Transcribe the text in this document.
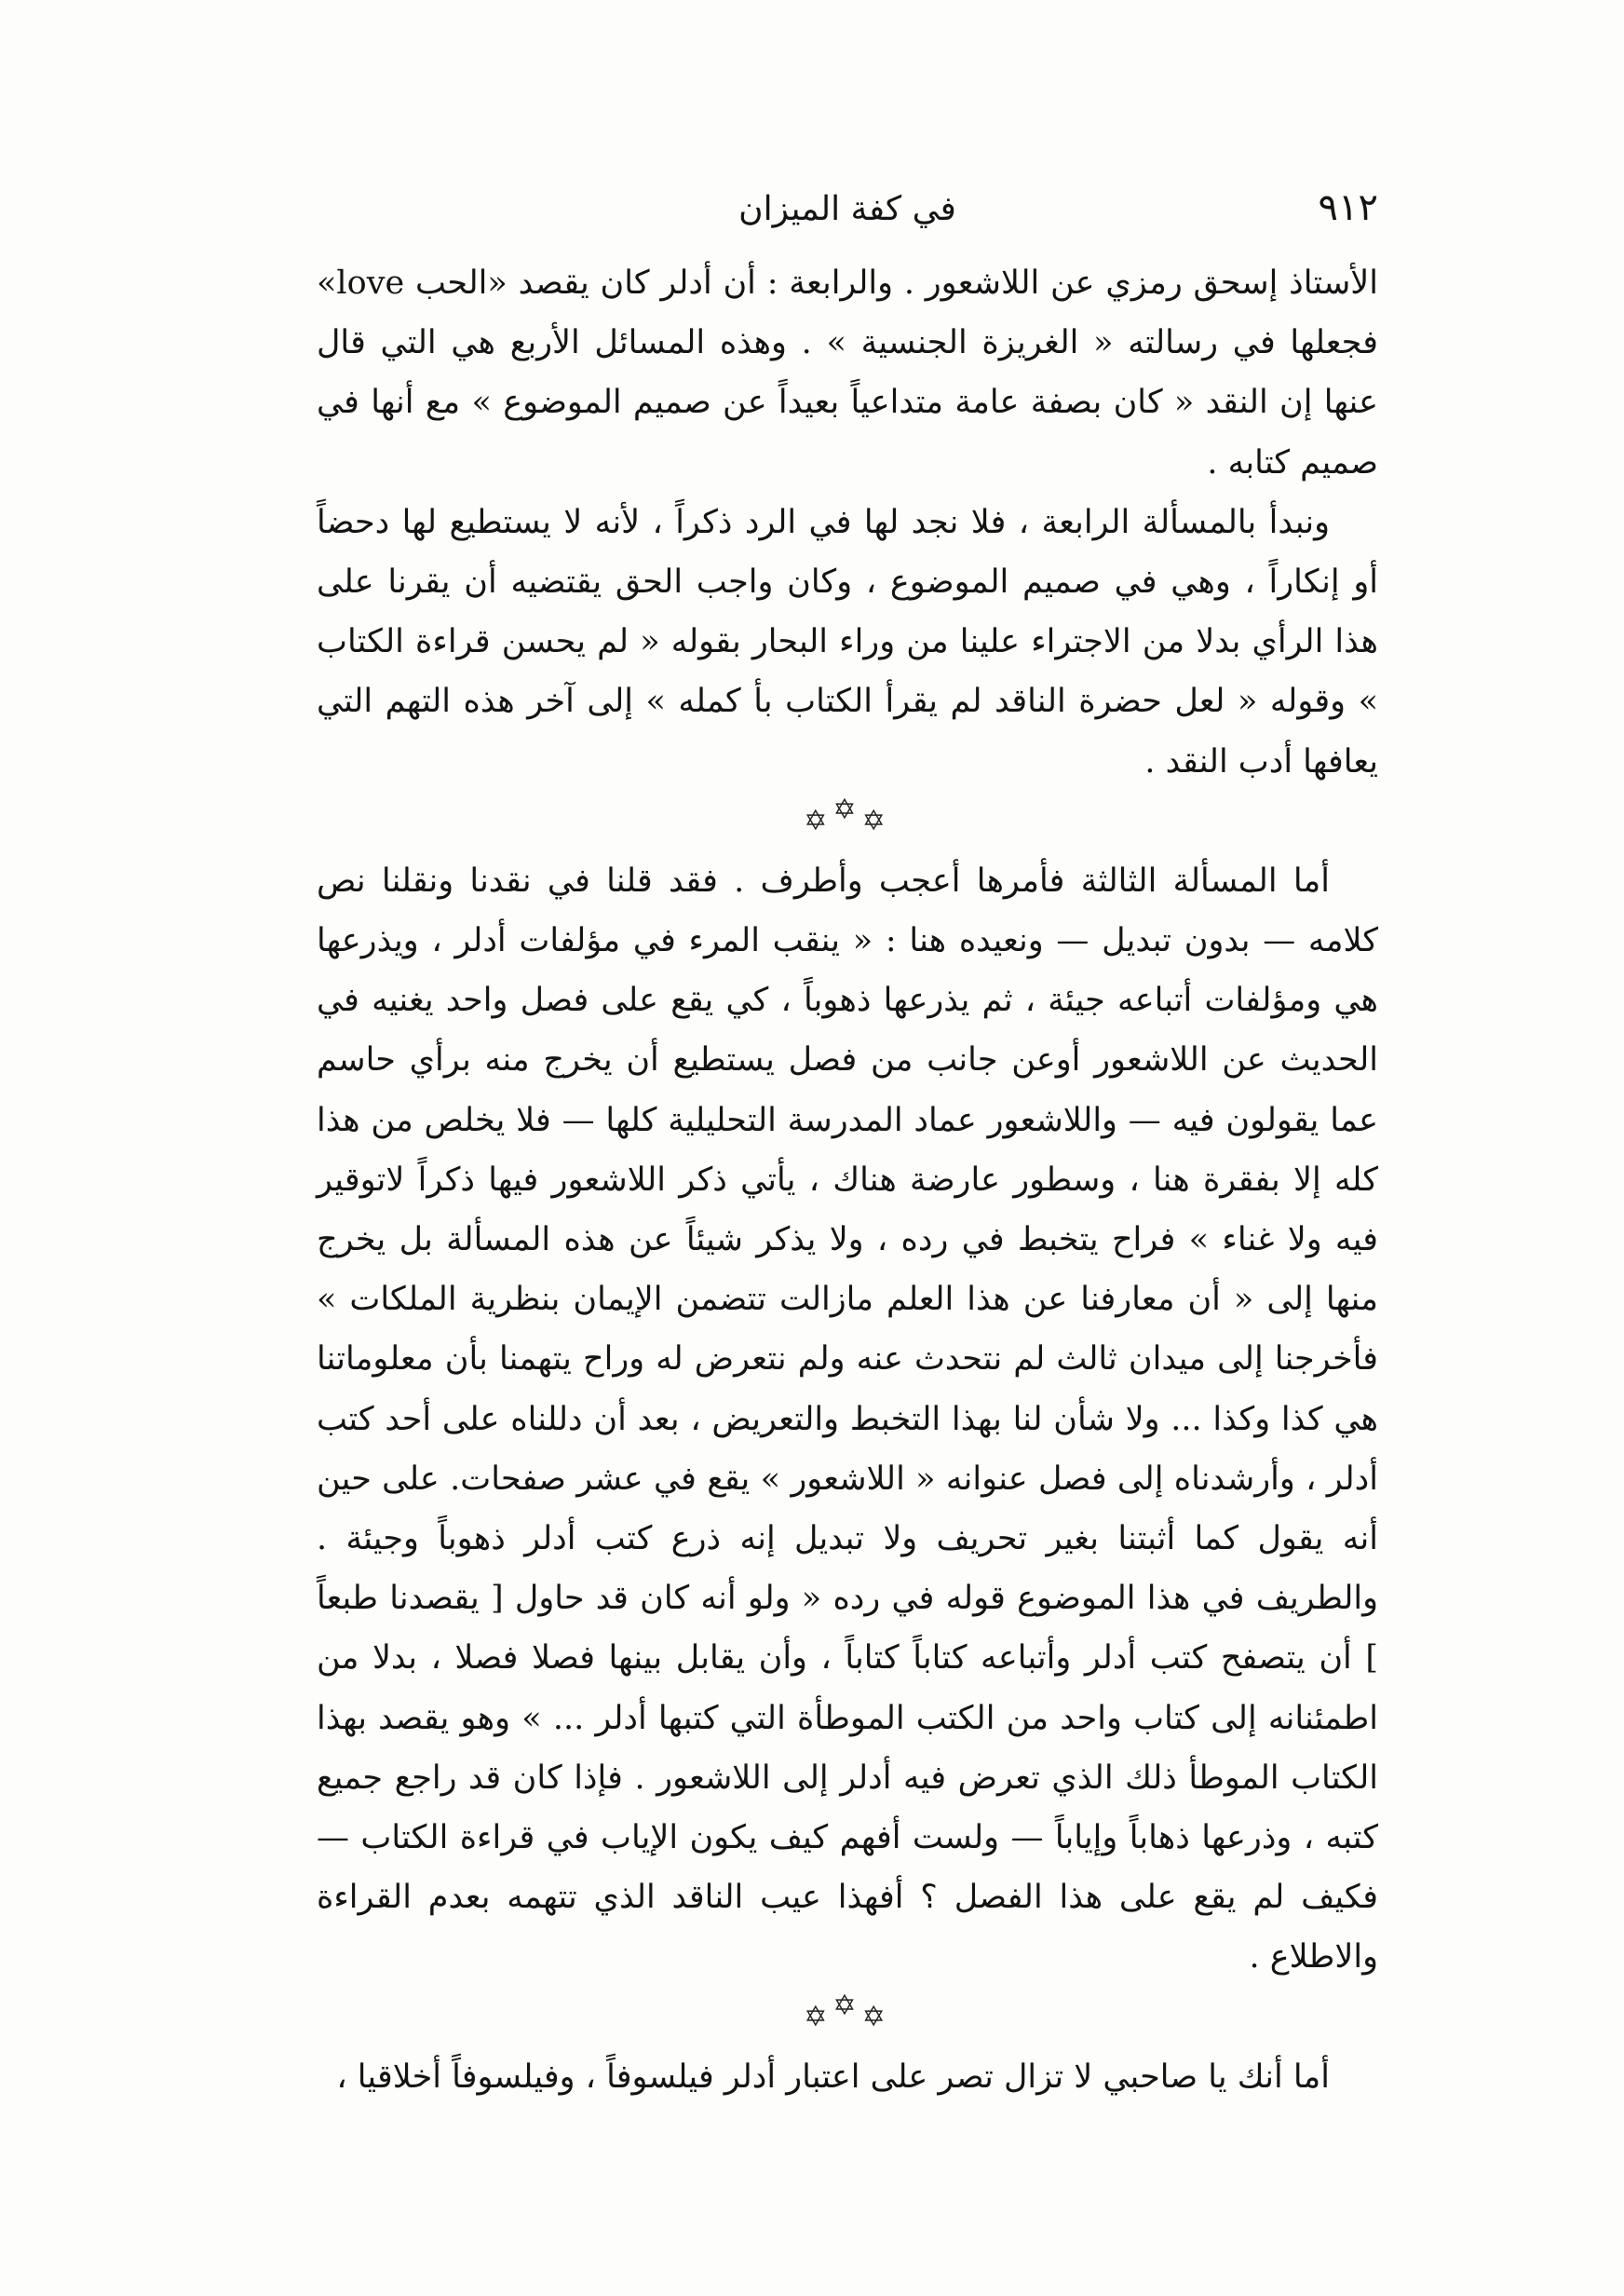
٩١٢
في كفة الميزان

الأستاذ إسحق رمزي عن اللاشعور . والرابعة : أن أدلر كان يقصد «الحب love» فجعلها في رسالته « الغريزة الجنسية » . وهذه المسائل الأربع هي التي قال عنها إن النقد « كان بصفة عامة متداعياً بعيداً عن صميم الموضوع » مع أنها في صميم كتابه .

ونبدأ بالمسألة الرابعة ، فلا نجد لها في الرد ذكراً ، لأنه لا يستطيع لها دحضاً أو إنكاراً ، وهي في صميم الموضوع ، وكان واجب الحق يقتضيه أن يقرنا على هذا الرأي بدلا من الاجتراء علينا من وراء البحار بقوله « لم يحسن قراءة الكتاب » وقوله « لعل حضرة الناقد لم يقرأ الكتاب بأ كمله » إلى آخر هذه التهم التي يعافها أدب النقد .

✡✡✡

أما المسألة الثالثة فأمرها أعجب وأطرف . فقد قلنا في نقدنا ونقلنا نص كلامه — بدون تبديل — ونعيده هنا : « ينقب المرء في مؤلفات أدلر ، ويذرعها هي ومؤلفات أتباعه جيئة ، ثم يذرعها ذهوباً ، كي يقع على فصل واحد يغنيه في الحديث عن اللاشعور أوعن جانب من فصل يستطيع أن يخرج منه برأي حاسم عما يقولون فيه — واللاشعور عماد المدرسة التحليلية كلها — فلا يخلص من هذا كله إلا بفقرة هنا ، وسطور عارضة هناك ، يأتي ذكر اللاشعور فيها ذكراً لاتوقير فيه ولا غناء » فراح يتخبط في رده ، ولا يذكر شيئاً عن هذه المسألة بل يخرج منها إلى « أن معارفنا عن هذا العلم مازالت تتضمن الإيمان بنظرية الملكات » فأخرجنا إلى ميدان ثالث لم نتحدث عنه ولم نتعرض له وراح يتهمنا بأن معلوماتنا هي كذا وكذا ... ولا شأن لنا بهذا التخبط والتعريض ، بعد أن دللناه على أحد كتب أدلر ، وأرشدناه إلى فصل عنوانه « اللاشعور » يقع في عشر صفحات. على حين أنه يقول كما أثبتنا بغير تحريف ولا تبديل إنه ذرع كتب أدلر ذهوباً وجيئة . والطريف في هذا الموضوع قوله في رده « ولو أنه كان قد حاول [ يقصدنا طبعاً ] أن يتصفح كتب أدلر وأتباعه كتاباً كتاباً ، وأن يقابل بينها فصلا فصلا ، بدلا من اطمئنانه إلى كتاب واحد من الكتب الموطأة التي كتبها أدلر ... » وهو يقصد بهذا الكتاب الموطأ ذلك الذي تعرض فيه أدلر إلى اللاشعور . فإذا كان قد راجع جميع كتبه ، وذرعها ذهاباً وإياباً — ولست أفهم كيف يكون الإياب في قراءة الكتاب — فكيف لم يقع على هذا الفصل ؟ أفهذا عيب الناقد الذي تتهمه بعدم القراءة والاطلاع .

✡✡✡

أما أنك يا صاحبي لا تزال تصر على اعتبار أدلر فيلسوفاً ، وفيلسوفاً أخلاقيا ،
